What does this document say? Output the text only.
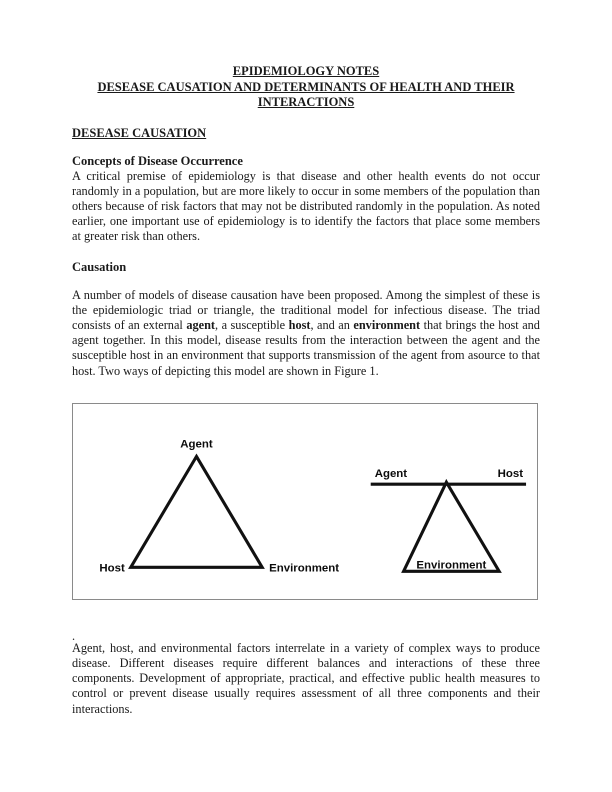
EPIDEMIOLOGY NOTES
DESEASE CAUSATION AND DETERMINANTS OF HEALTH AND THEIR
INTERACTIONS

DESEASE CAUSATION

Concepts of Disease Occurrence

A critical premise of epidemiology is that disease and other health events do not occur randomly in a population, but are more likely to occur in some members of the population than others because of risk factors that may not be distributed randomly in the population. As noted earlier, one important use of epidemiology is to identify the factors that place some members at greater risk than others.

Causation

A number of models of disease causation have been proposed. Among the simplest of these is the epidemiologic triad or triangle, the traditional model for infectious disease. The triad consists of an external agent, a susceptible host, and an environment that brings the host and agent together. In this model, disease results from the interaction between the agent and the susceptible host in an environment that supports transmission of the agent from asource to that host. Two ways of depicting this model are shown in Figure 1.

Agent
Host	Environment
Agent	Host
Environment

.

Agent, host, and environmental factors interrelate in a variety of complex ways to produce disease. Different diseases require different balances and interactions of these three components. Development of appropriate, practical, and effective public health measures to control or prevent disease usually requires assessment of all three components and their interactions.
